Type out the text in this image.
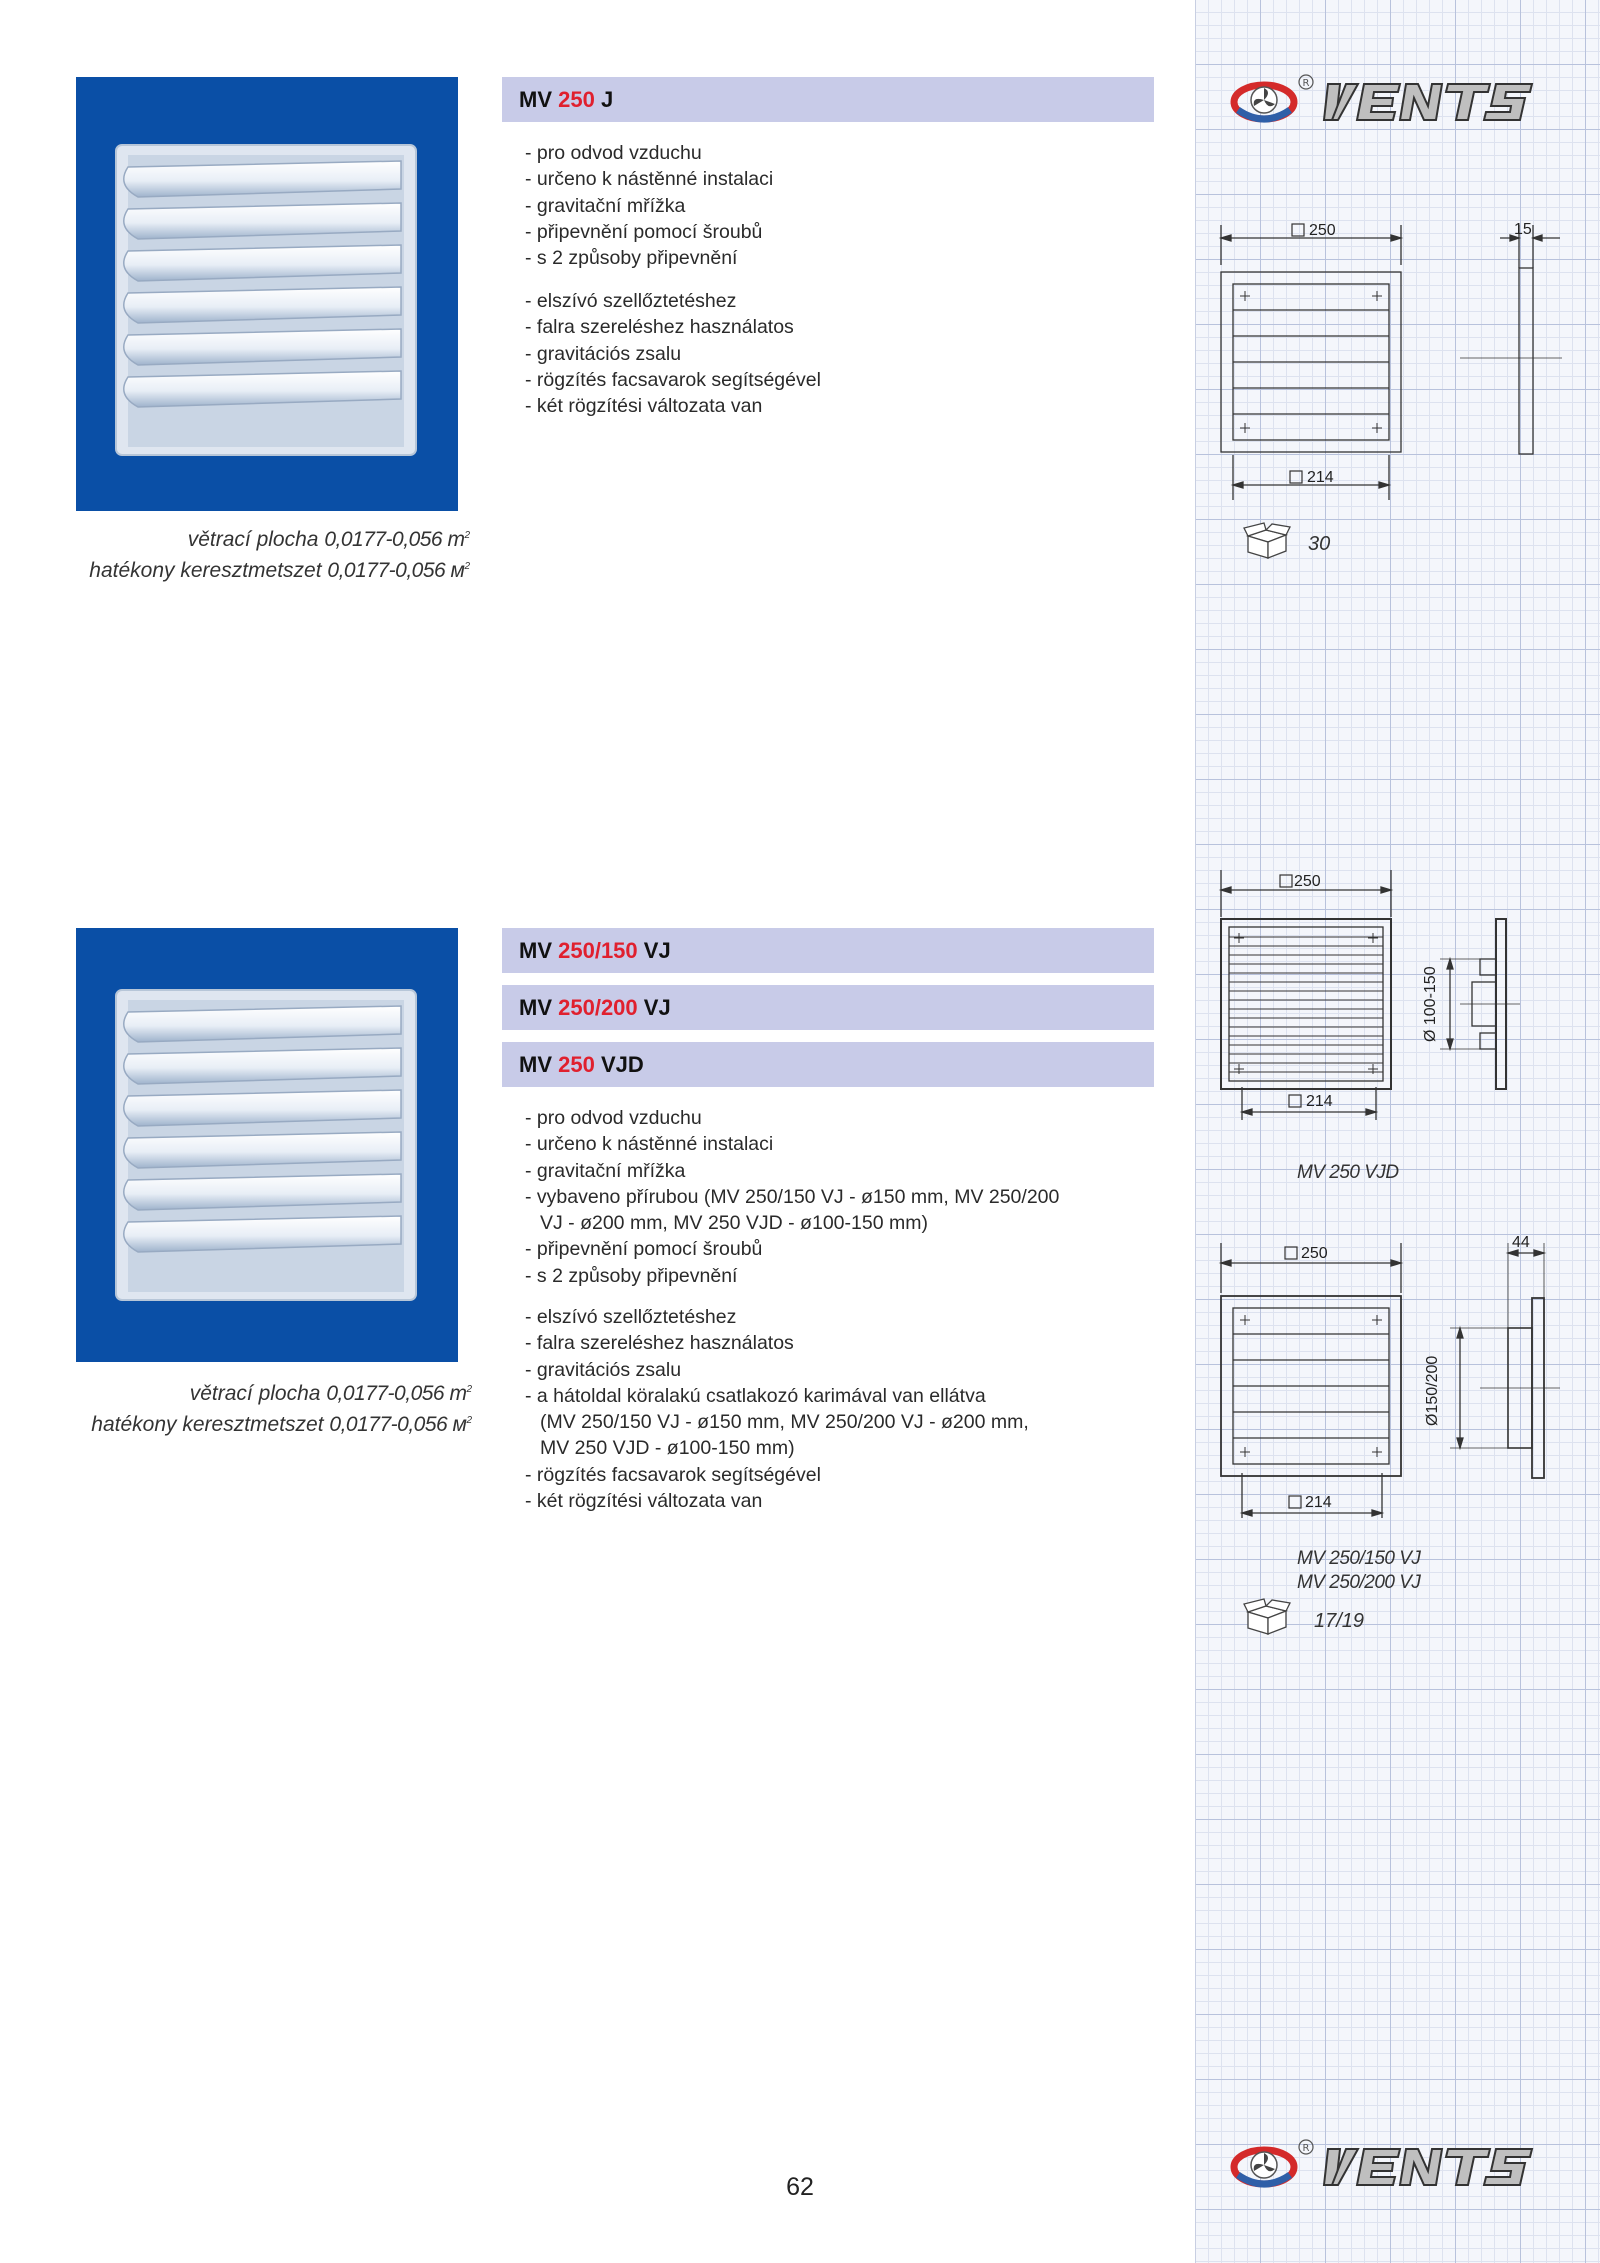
R
MV 250 J
- pro odvod vzduchu
- určeno k nástěnné instalaci
- gravitační mřížka
- připevnění pomocí šroubů
- s 2 způsoby připevnění
- elszívó szellőztetéshez
- falra szereléshez használatos
- gravitációs zsalu
- rögzítés facsavarok segítségével
- két rögzítési változata van
větrací plocha 0,0177-0,056 $m^2$
hatékony keresztmetszet 0,0177-0,056 $м^2$
250	15
214
30
MV 250/150 VJ
MV 250/200 VJ
MV 250 VJD
- pro odvod vzduchu
- určeno k nástěnné instalaci
- gravitační mřížka
- vybaveno přírubou (MV 250/150 VJ - ø150 mm, MV 250/200
VJ - ø200 mm, MV 250 VJD - ø100-150 mm)
- připevnění pomocí šroubů
- s 2 způsoby připevnění
- elszívó szellőztetéshez
- falra szereléshez használatos
- gravitációs zsalu
- a hátoldal köralakú csatlakozó karimával van ellátva
(MV 250/150 VJ - ø150 mm, MV 250/200 VJ - ø200 mm,
MV 250 VJD - ø100-150 mm)
- rögzítés facsavarok segítségével
- két rögzítési változata van
větrací plocha 0,0177-0,056 $m^2$
hatékony keresztmetszet 0,0177-0,056 $м^2$
250
214
Ø 100-150
MV 250 VJD
250
44
214
Ø150/200
MV 250/150 VJ
MV 250/200 VJ
17/19
62
R
